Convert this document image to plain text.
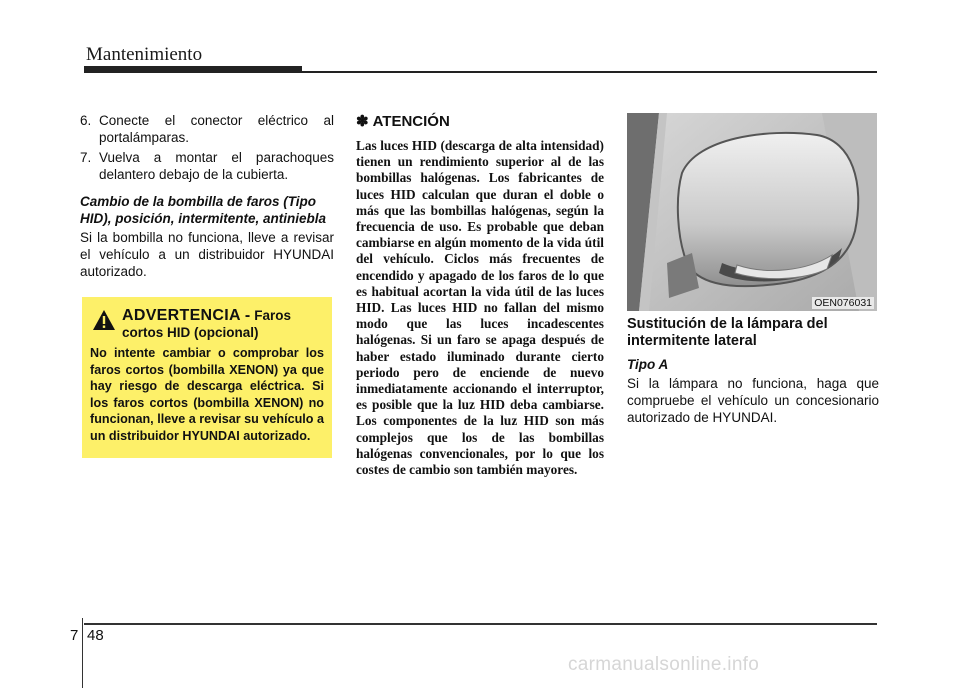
Mantenimiento
6. Conecte el conector eléctrico al portalámparas.
7. Vuelva a montar el parachoques delantero debajo de la cubierta.
Cambio de la bombilla de faros (Tipo HID), posición, intermitente, antiniebla
Si la bombilla no funciona, lleve a revisar el vehículo a un distribuidor HYUNDAI autorizado.
ADVERTENCIA - Faros
cortos HID (opcional)
No intente cambiar o comprobar los faros cortos (bombilla XENON) ya que hay riesgo de descarga eléctrica. Si los faros cortos (bombilla XENON) no funcionan, lleve a revisar su vehículo a un distribuidor HYUNDAI autorizado.
✽ ATENCIÓN
Las luces HID (descarga de alta intensidad) tienen un rendimiento superior al de las bombillas halógenas. Los fabricantes de luces HID calculan que duran el doble o más que las bombillas halógenas, según la frecuencia de uso. Es probable que deban cambiarse en algún momento de la vida útil del vehículo. Ciclos más frecuentes de encendido y apagado de los faros de lo que es habitual acortan la vida útil de las luces HID. Las luces HID no fallan del mismo modo que las luces incadescentes halógenas. Si un faro se apaga después de haber estado iluminado durante cierto periodo pero de enciende de nuevo inmediatamente accionando el interruptor, es posible que la luz HID deba cambiarse. Los componentes de la luz HID son más complejos que los de las bombillas halógenas convencionales, por lo que los costes de cambio son también mayores.
OEN076031
Sustitución de la lámpara del intermitente lateral
Tipo A
Si la lámpara no funciona, haga que compruebe el vehículo un concesionario autorizado de HYUNDAI.
7 48
carmanualsonline.info
